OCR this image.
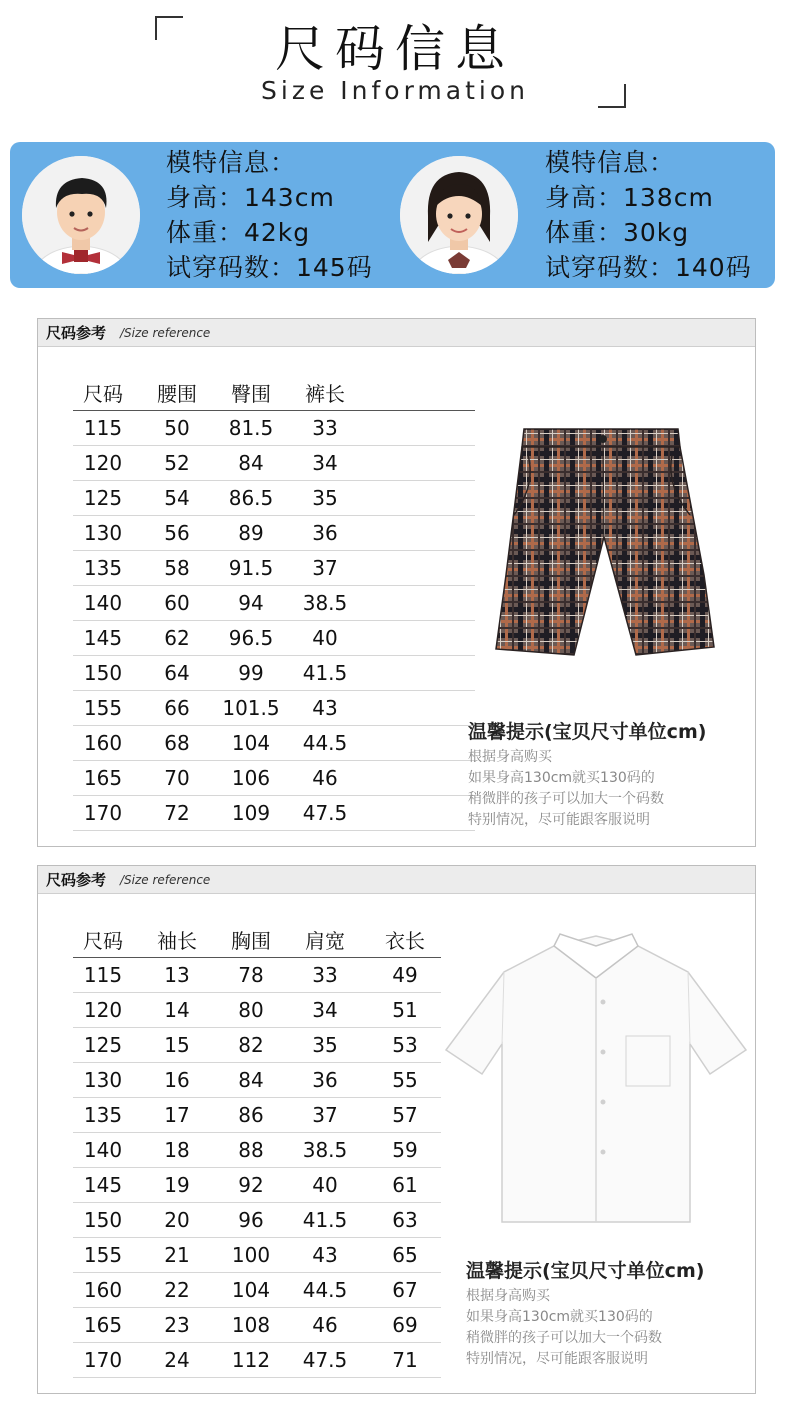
尺码信息
Size Information
模特信息：
身高：143cm
体重：42kg
试穿码数：145码
模特信息：
身高：138cm
体重：30kg
试穿码数：140码
尺码参考 /Size reference
尺码	腰围	臀围	裤长	
115	50	81.5	33	
120	52	84	34	
125	54	86.5	35	
130	56	89	36	
135	58	91.5	37	
140	60	94	38.5	
145	62	96.5	40	
150	64	99	41.5	
155	66	101.5	43	
160	68	104	44.5	
165	70	106	46	
170	72	109	47.5	
温馨提示(宝贝尺寸单位cm)
根据身高购买
如果身高130cm就买130码的
稍微胖的孩子可以加大一个码数
特别情况，尽可能跟客服说明
尺码参考 /Size reference
尺码	袖长	胸围	肩宽	衣长
115	13	78	33	49
120	14	80	34	51
125	15	82	35	53
130	16	84	36	55
135	17	86	37	57
140	18	88	38.5	59
145	19	92	40	61
150	20	96	41.5	63
155	21	100	43	65
160	22	104	44.5	67
165	23	108	46	69
170	24	112	47.5	71
温馨提示(宝贝尺寸单位cm)
根据身高购买
如果身高130cm就买130码的
稍微胖的孩子可以加大一个码数
特别情况，尽可能跟客服说明
